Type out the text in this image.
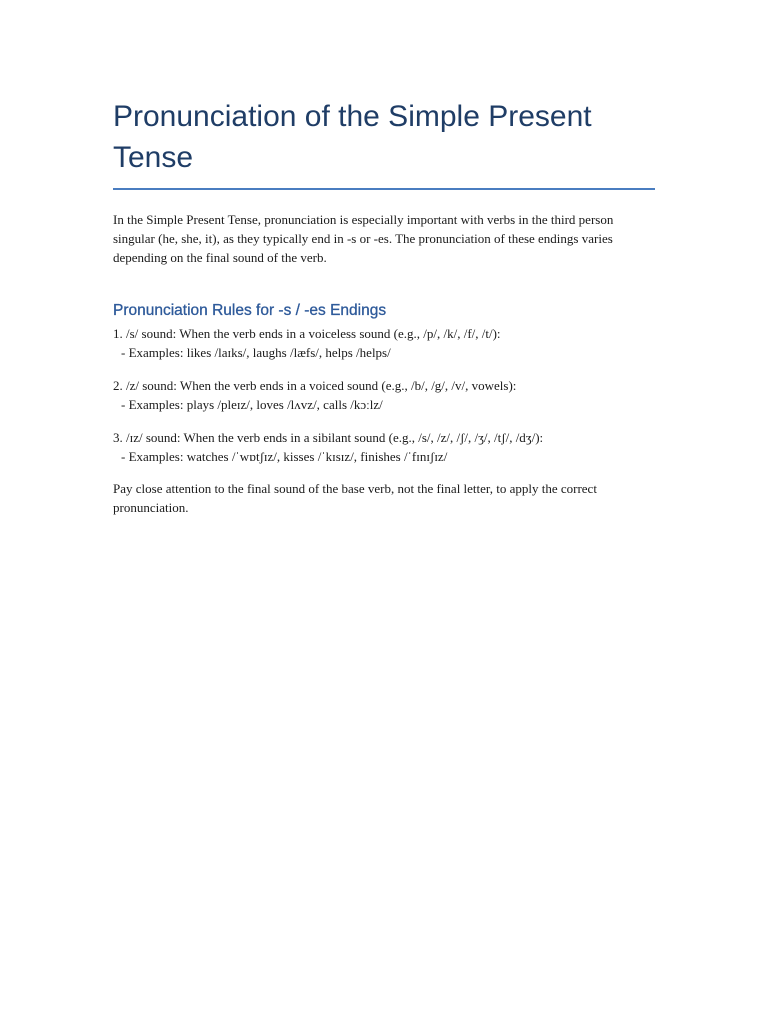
Pronunciation of the Simple Present Tense

In the Simple Present Tense, pronunciation is especially important with verbs in the third person singular (he, she, it), as they typically end in -s or -es. The pronunciation of these endings varies depending on the final sound of the verb.

Pronunciation Rules for -s / -es Endings
1. /s/ sound: When the verb ends in a voiceless sound (e.g., /p/, /k/, /f/, /t/):
- Examples: likes /laɪks/, laughs /læfs/, helps /helps/
2. /z/ sound: When the verb ends in a voiced sound (e.g., /b/, /g/, /v/, vowels):
- Examples: plays /pleɪz/, loves /lʌvz/, calls /kɔːlz/
3. /ɪz/ sound: When the verb ends in a sibilant sound (e.g., /s/, /z/, /ʃ/, /ʒ/, /tʃ/, /dʒ/):
- Examples: watches /ˈwɒtʃɪz/, kisses /ˈkɪsɪz/, finishes /ˈfɪnɪʃɪz/

Pay close attention to the final sound of the base verb, not the final letter, to apply the correct pronunciation.
